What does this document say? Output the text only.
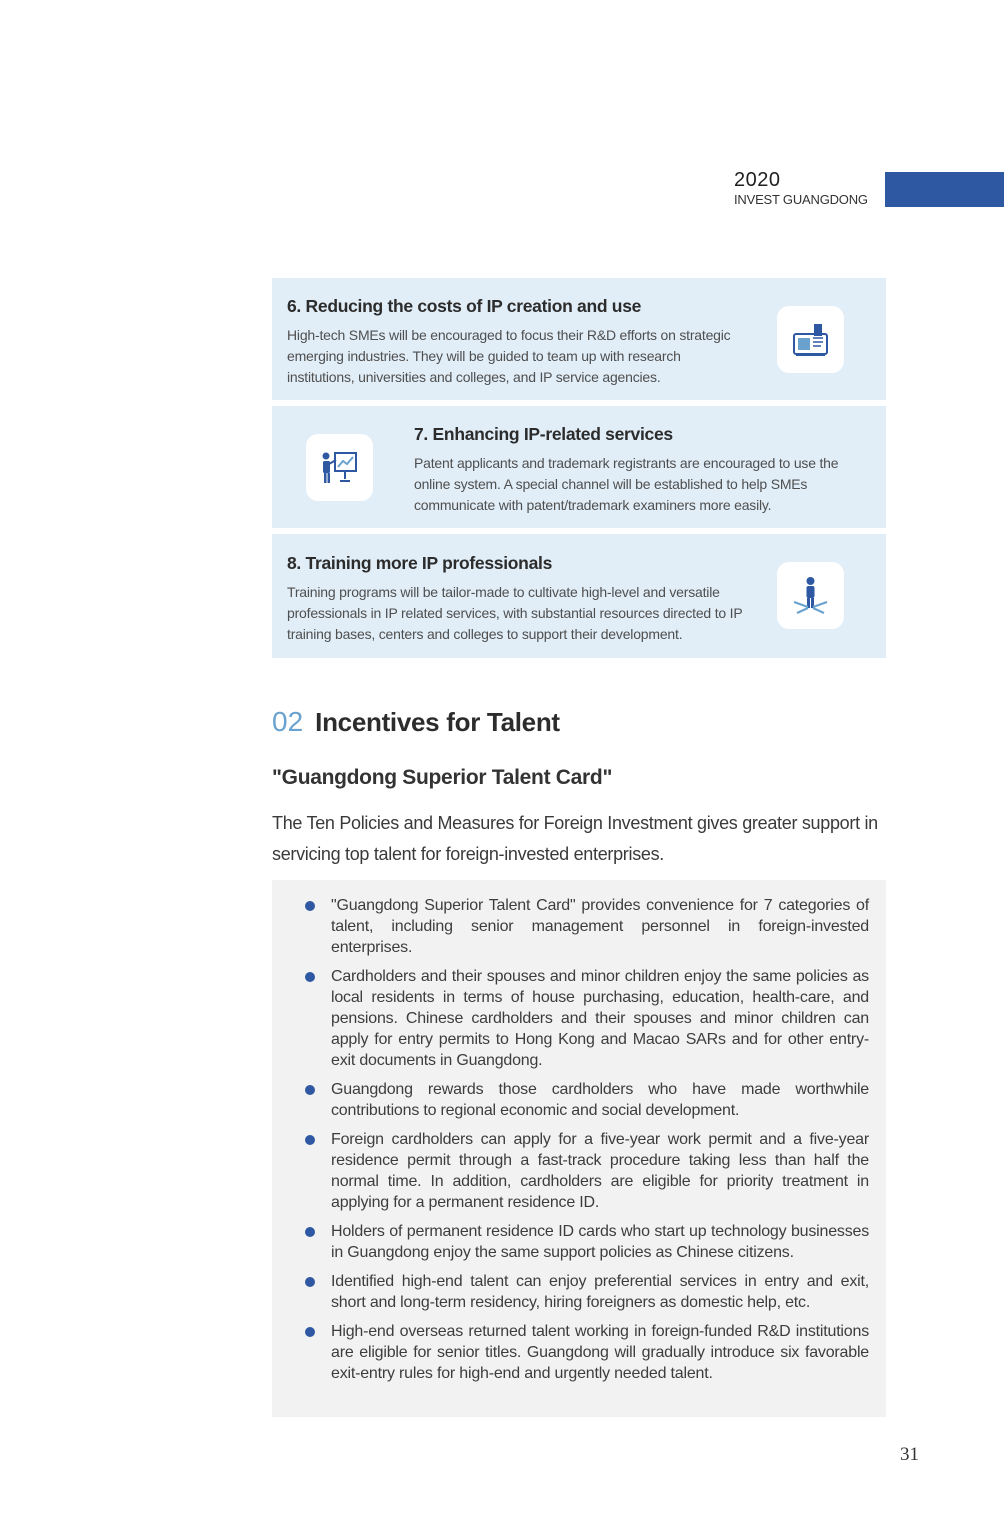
2020
INVEST GUANGDONG
6. Reducing the costs of IP creation and use
High-tech SMEs will be encouraged to focus their R&D efforts on strategic emerging industries. They will be guided to team up with research institutions, universities and colleges, and IP service agencies.
7. Enhancing IP-related services
Patent applicants and trademark registrants are encouraged to use the online system. A special channel will be established to help SMEs communicate with patent/trademark examiners more easily.
8. Training more IP professionals
Training programs will be tailor-made to cultivate high-level and versatile professionals in IP related services, with substantial resources directed to IP training bases, centers and colleges to support their development.
02 Incentives for Talent
"Guangdong Superior Talent Card"
The Ten Policies and Measures for Foreign Investment gives greater support in servicing top talent for foreign-invested enterprises.
"Guangdong Superior Talent Card" provides convenience for 7 categories of talent, including senior management personnel in foreign-invested enterprises.
Cardholders and their spouses and minor children enjoy the same policies as local residents in terms of house purchasing, education, health-care, and pensions. Chinese cardholders and their spouses and minor children can apply for entry permits to Hong Kong and Macao SARs and for other entry-exit documents in Guangdong.
Guangdong rewards those cardholders who have made worthwhile contributions to regional economic and social development.
Foreign cardholders can apply for a five-year work permit and a five-year residence permit through a fast-track procedure taking less than half the normal time. In addition, cardholders are eligible for priority treatment in applying for a permanent residence ID.
Holders of permanent residence ID cards who start up technology businesses in Guangdong enjoy the same support policies as Chinese citizens.
Identified high-end talent can enjoy preferential services in entry and exit, short and long-term residency, hiring foreigners as domestic help, etc.
High-end overseas returned talent working in foreign-funded R&D institutions are eligible for senior titles. Guangdong will gradually introduce six favorable exit-entry rules for high-end and urgently needed talent.
31
